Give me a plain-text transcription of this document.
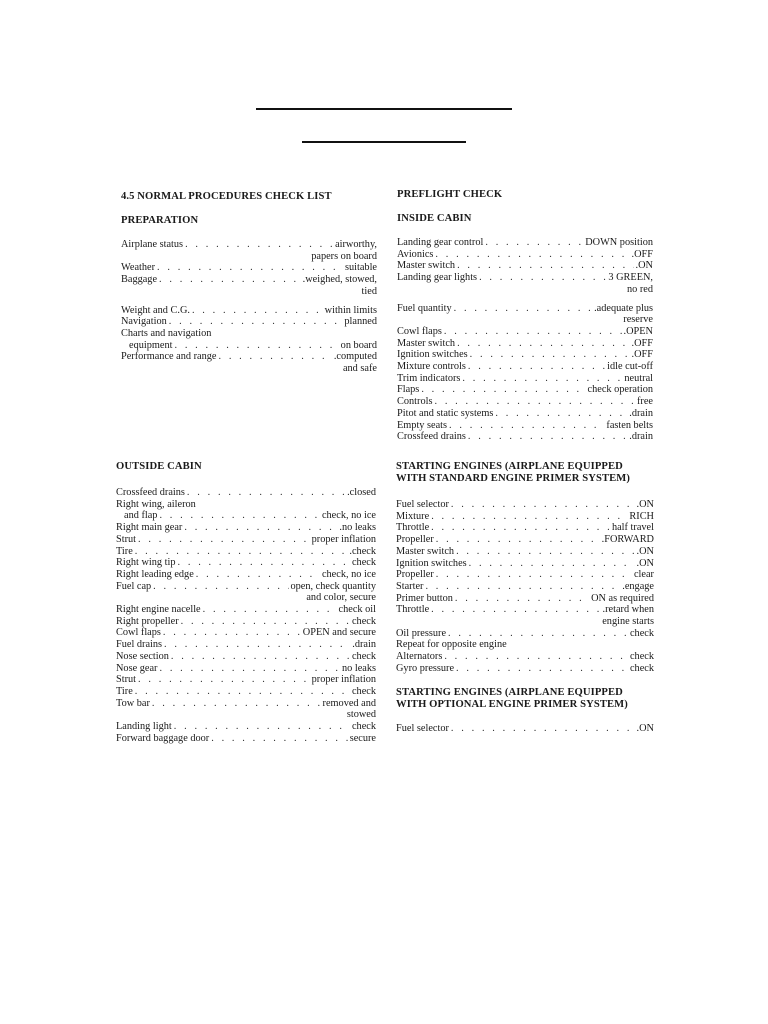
4.5 NORMAL PROCEDURES CHECK LIST
PREPARATION
Airplane status . . .	airworthy,
papers on board
Weather . . .	suitable
Baggage . . .	.weighed, stowed,
tied
Weight and C.G. . . .	within limits
Navigation . . .	planned
Charts and navigation
equipment . . .	on board
Performance and range . . .	.computed
and safe
PREFLIGHT CHECK
INSIDE CABIN
Landing gear control . . .	DOWN position
Avionics . . .	.OFF
Master switch . . .	.ON
Landing gear lights . . .	3 GREEN,
no red
Fuel quantity . . .	.adequate plus
reserve
Cowl flaps . . .	.OPEN
Master switch . . .	.OFF
Ignition switches . . .	.OFF
Mixture controls . . .	idle cut-off
Trim indicators . . .	neutral
Flaps . . .	check operation
Controls . . .	free
Pitot and static systems . . .	.drain
Empty seats . . .	fasten belts
Crossfeed drains . . .	.drain
OUTSIDE CABIN
Crossfeed drains . . .	.closed
Right wing, aileron
and flap . . .	check, no ice
Right main gear . . .	.no leaks
Strut . . .	proper inflation
Tire . . .	.check
Right wing tip . . .	check
Right leading edge . . .	check, no ice
Fuel cap . . .	open, check quantity
and color, secure
Right engine nacelle . . .	check oil
Right propeller . . .	check
Cowl flaps . . .	OPEN and secure
Fuel drains . . .	.drain
Nose section . . .	check
Nose gear . . .	no leaks
Strut . . .	proper inflation
Tire . . .	check
Tow bar . . .	removed and
stowed
Landing light . . .	check
Forward baggage door . . .	secure
STARTING ENGINES (AIRPLANE EQUIPPED
WITH STANDARD ENGINE PRIMER SYSTEM)
Fuel selector . . .	.ON
Mixture . . .	RICH
Throttle . . .	half travel
Propeller . . .	.FORWARD
Master switch . . .	.ON
Ignition switches . . .	.ON
Propeller . . .	clear
Starter . . .	.engage
Primer button . . .	ON as required
Throttle . . .	.retard when
engine starts
Oil pressure . . .	check
Repeat for opposite engine
Alternators . . .	check
Gyro pressure . . .	check
STARTING ENGINES (AIRPLANE EQUIPPED
WITH OPTIONAL ENGINE PRIMER SYSTEM)
Fuel selector . . .	.ON
